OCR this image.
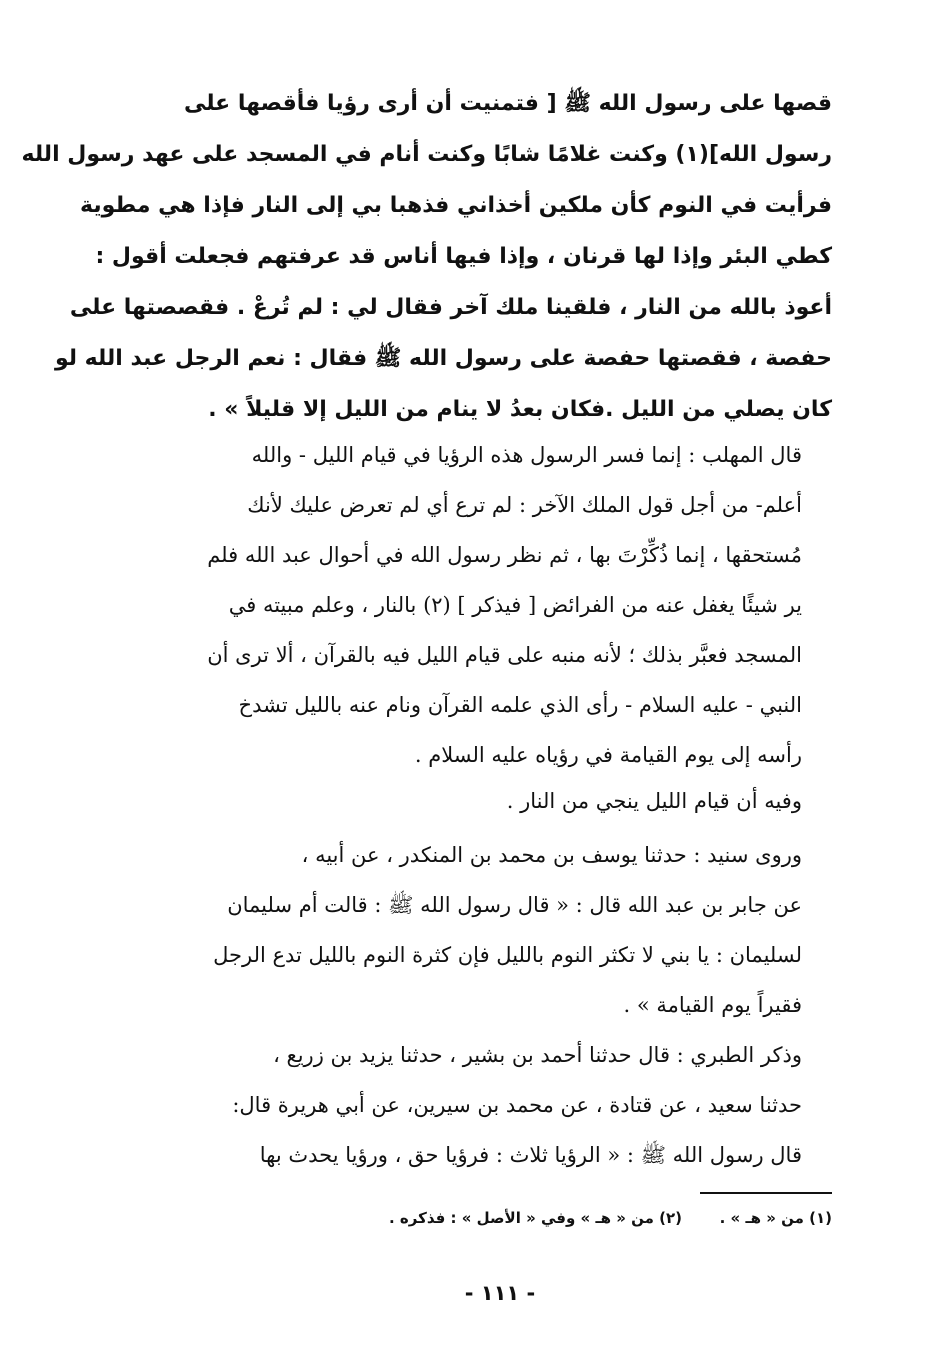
قصها على رسول الله ﷺ [ فتمنيت أن أرى رؤيا فأقصها على
رسول الله](١) وكنت غلامًا شابًا وكنت أنام في المسجد على عهد رسول الله
فرأيت في النوم كأن ملكين أخذاني فذهبا بي إلى النار فإذا هي مطوية
كطي البئر وإذا لها قرنان ، وإذا فيها أناس قد عرفتهم فجعلت أقول :
أعوذ بالله من النار ، فلقينا ملك آخر فقال لي : لم تُرعْ . فقصصتها على
حفصة ، فقصتها حفصة على رسول الله ﷺ فقال : نعم الرجل عبد الله لو
كان يصلي من الليل .فكان بعدُ لا ينام من الليل إلا قليلاً » .
قال المهلب : إنما فسر الرسول هذه الرؤيا في قيام الليل - والله
أعلم- من أجل قول الملك الآخر : لم ترع أي لم تعرض عليك لأنك
مُستحقها ، إنما ذُكِّرْتَ بها ، ثم نظر رسول الله في أحوال عبد الله فلم
ير شيئًا يغفل عنه من الفرائض [ فيذكر ] (٢) بالنار ، وعلم مبيته في
المسجد فعبَّر بذلك ؛ لأنه منبه على قيام الليل فيه بالقرآن ، ألا ترى أن
النبي - عليه السلام - رأى الذي علمه القرآن ونام عنه بالليل تشدخ
رأسه إلى يوم القيامة في رؤياه عليه السلام .
وفيه أن قيام الليل ينجي من النار .
وروى سنيد : حدثنا يوسف بن محمد بن المنكدر ، عن أبيه ،
عن جابر بن عبد الله قال : « قال رسول الله ﷺ : قالت أم سليمان
لسليمان : يا بني لا تكثر النوم بالليل فإن كثرة النوم بالليل تدع الرجل
فقيراً يوم القيامة » .
وذكر الطبري : قال حدثنا أحمد بن بشير ، حدثنا يزيد بن زريع ،
حدثنا سعيد ، عن قتادة ، عن محمد بن سيرين، عن أبي هريرة قال:
قال رسول الله ﷺ : « الرؤيا ثلاث : فرؤيا حق ، ورؤيا يحدث بها
(١) من « هـ » .(٢) من « هـ » وفي « الأصل » : فذكره .
- ١١١ -
